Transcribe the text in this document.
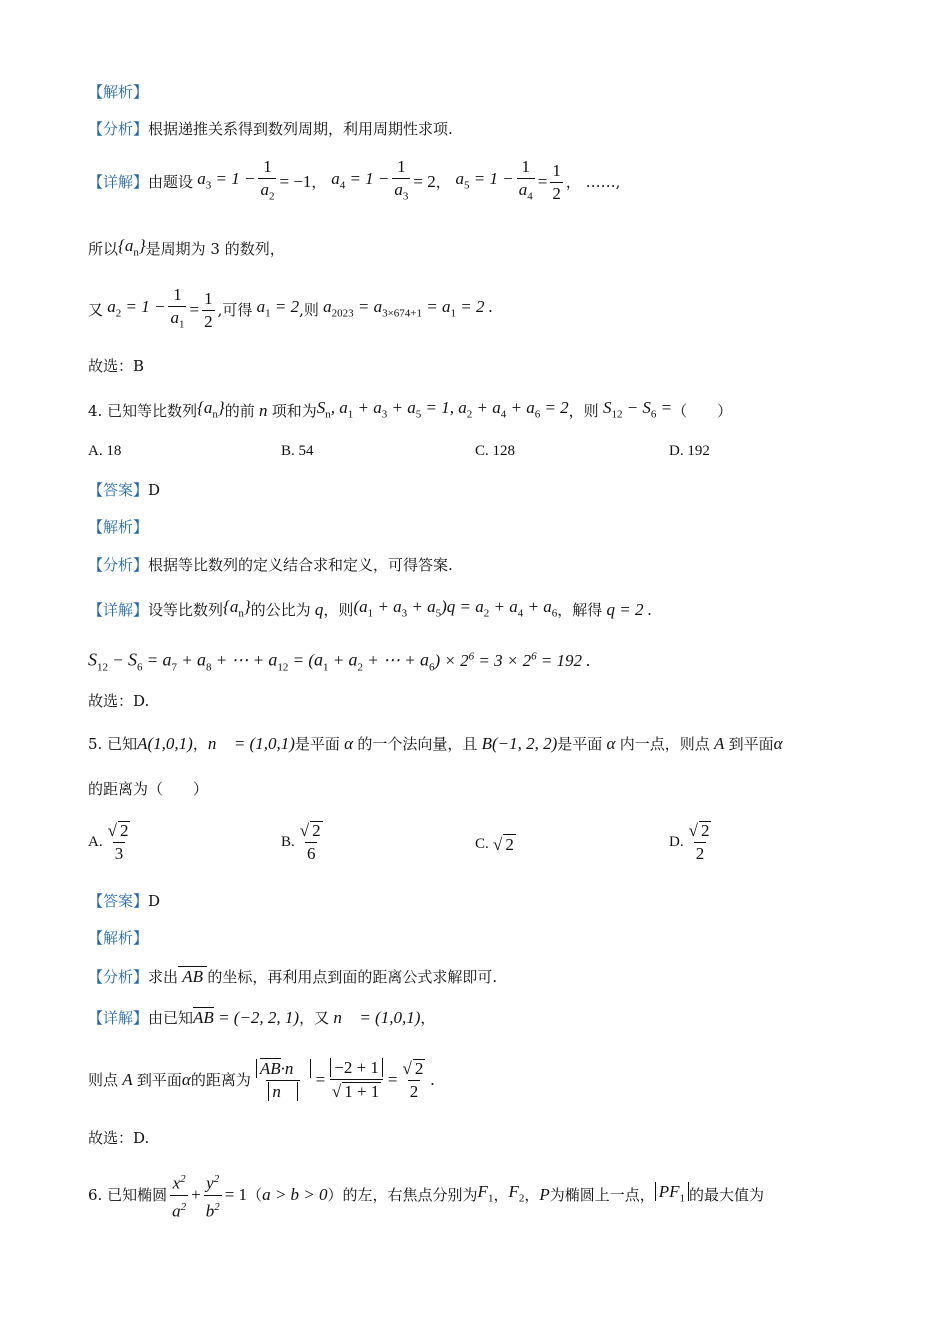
【解析】
【分析】 根据递推关系得到数列周期，利用周期性求项.
【详解】 由题设 $a_3 = 1 - \frac{1}{a_2} = -1$ ， $a_4 = 1 - \frac{1}{a_3} = 2$ ， $a_5 = 1 - \frac{1}{a_4} = \frac{1}{2}$ ， ……,
所以 $\{a_n\}$ 是周期为 3 的数列，
又 $a_2 = 1 - \frac{1}{a_1} = \frac{1}{2}$ ,可得 $a_1 = 2$ ,则 $a_{2023} = a_{3\times 674+1} = a_1 = 2$ .
故选：B
4.
已知等比数列 $\{a_n\}$ 的前 n 项和为 $S_n$, $a_1 + a_3 + a_5 = 1$, $a_2 + a_4 + a_6 = 2$ ，则 $S_{12} - S_6$ = （　　）
A. 18	B. 54	C. 128	D. 192
【答案】 D
【解析】
【分析】 根据等比数列的定义结合求和定义，可得答案.
【详解】 设等比数列 $\{a_n\}$ 的公比为 q ，则 $(a_1 + a_3 + a_5)q = a_2 + a_4 + a_6$ ，解得 q = 2 .
$S_{12} - S_6 = a_7 + a_8$ + ⋯ + $a_{12} = (a_1 + a_2$ + ⋯ + $a_6) \times 2^6 = 3 \times 2^6 = 192$ .
故选：D.
5.
已知 A(1,0,1) ， n⃗ = (1,0,1) 是平面 α 的一个法向量，且 B(−1, 2, 2) 是平面 α 内一点，则点 A 到平面 α
的距离为（　　）
A. $\frac{√ 2}{3}$	B. $\frac{√ 2}{6}$	C. √ 2	D. $\frac{√ 2}{2}$
【答案】 D
【解析】
【分析】 求出 AB 的坐标，再利用点到面的距离公式求解即可.
【详解】 由已知 AB = (−2, 2, 1) ，又 n⃗ = (1,0,1) ，
则点 A 到平面 α 的距离为 $\frac{AB\cdot n⃗}{n⃗} = \frac{-2 + 1}{√ 1 + 1} = \frac{√ 2}{2}$ .
故选：D.
6.
已知椭圆 $\frac{x^2}{a^2} + \frac{y^2}{b^2} = 1$ （ a > b > 0 ）的左，右焦点分别为 $F_1$ ， $F_2$ ， P 为椭圆上一点， $PF_1$ 的最大值为
